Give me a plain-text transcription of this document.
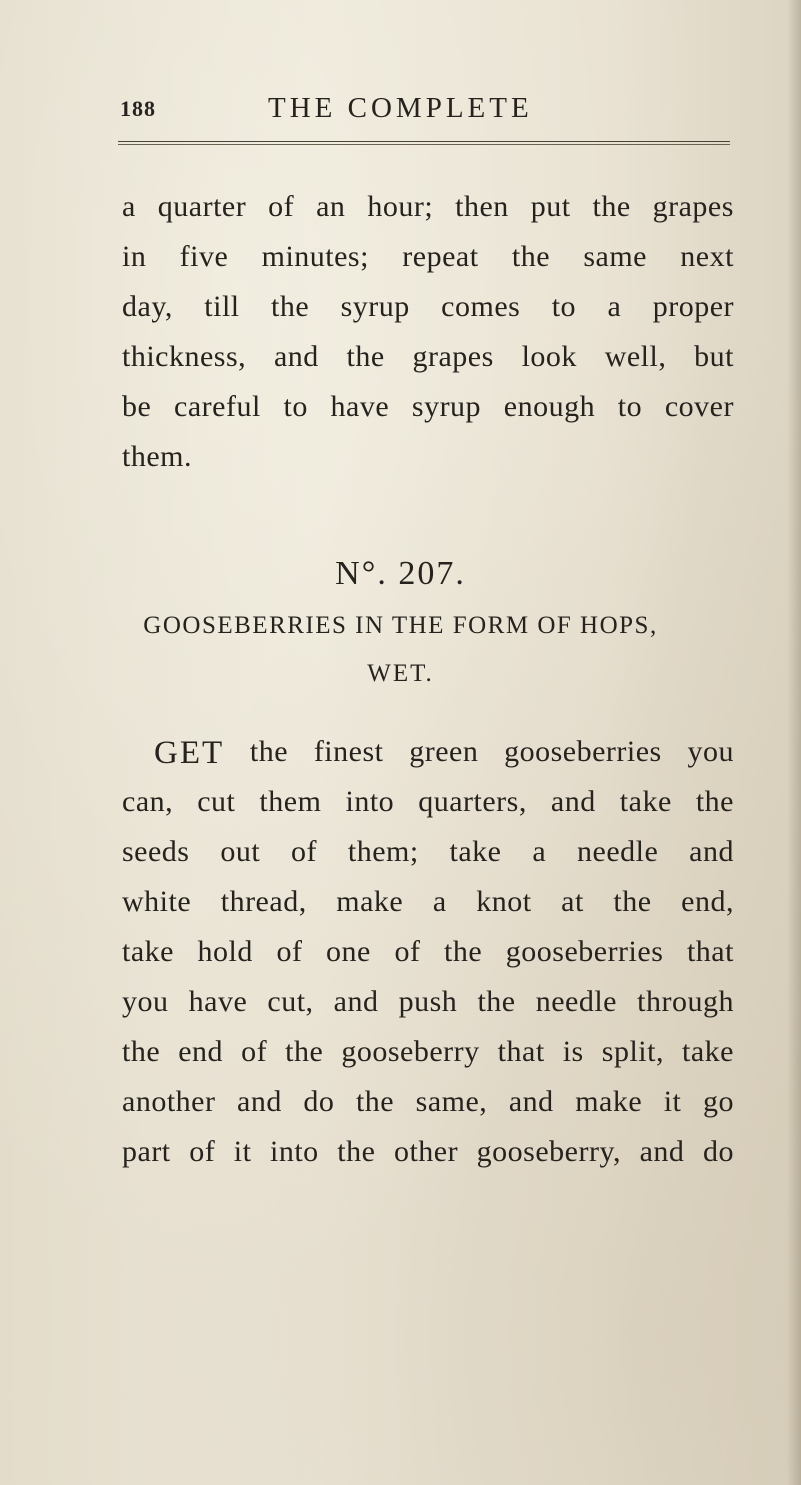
188	THE COMPLETE
a quarter of an hour; then put the grapes
in five minutes; repeat the same next
day, till the syrup comes to a proper
thickness, and the grapes look well, but
be careful to have syrup enough to cover
them.
N°. 207.
GOOSEBERRIES IN THE FORM OF HOPS,
WET.
GET the finest green gooseberries you
can, cut them into quarters, and take the
seeds out of them; take a needle and
white thread, make a knot at the end,
take hold of one of the gooseberries that
you have cut, and push the needle through
the end of the gooseberry that is split, take
another and do the same, and make it go
part of it into the other gooseberry, and do
